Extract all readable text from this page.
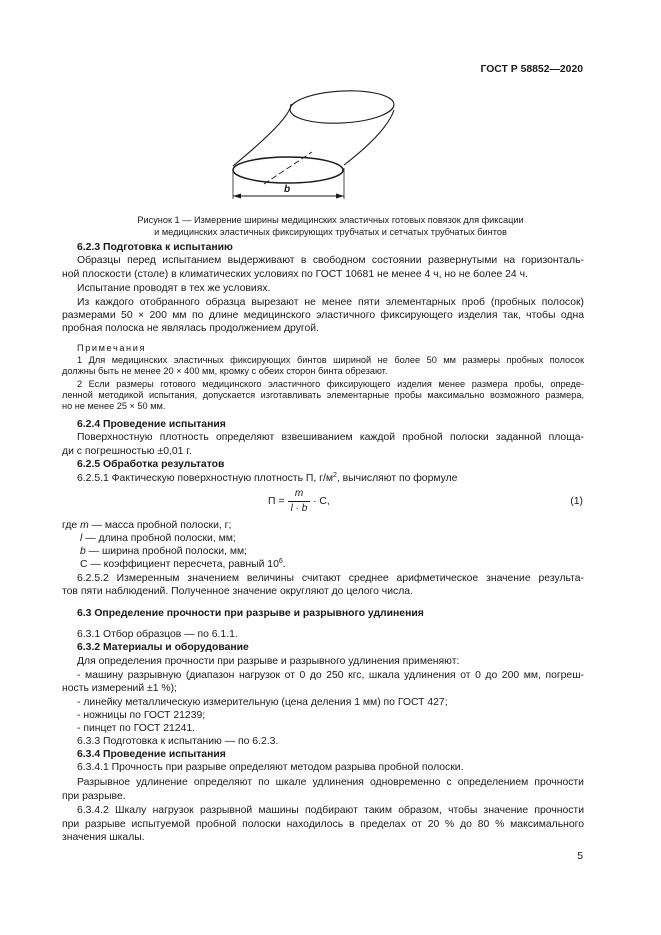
ГОСТ Р 58852—2020
b
Рисунок 1 — Измерение ширины медицинских эластичных готовых повязок для фиксации
и медицинских эластичных фиксирующих трубчатых и сетчатых трубчатых бинтов
6.2.3 Подготовка к испытанию
Образцы перед испытанием выдерживают в свободном состоянии развернутыми на горизонталь-
ной плоскости (столе) в климатических условиях по ГОСТ 10681 не менее 4 ч, но не более 24 ч.
Испытание проводят в тех же условиях.
Из каждого отобранного образца вырезают не менее пяти элементарных проб (пробных полосок)
размерами 50 × 200 мм по длине медицинского эластичного фиксирующего изделия так, чтобы одна
пробная полоска не являлась продолжением другой.
Примечания
1 Для медицинских эластичных фиксирующих бинтов шириной не более 50 мм размеры пробных полосок
должны быть не менее 20 × 400 мм, кромку с обеих сторон бинта обрезают.
2 Если размеры готового медицинского эластичного фиксирующего изделия менее размера пробы, опреде-
ленной методикой испытания, допускается изготавливать элементарные пробы максимально возможного размера,
но не менее 25 × 50 мм.
6.2.4 Проведение испытания
Поверхностную плотность определяют взвешиванием каждой пробной полоски заданной площа-
ди с погрешностью ±0,01 г.
6.2.5 Обработка результатов
6.2.5.1 Фактическую поверхностную плотность П, $г/м^2$, вычисляют по формуле
П =
m
l · b
· С,	(1)
где m — масса пробной полоски, г;
l — длина пробной полоски, мм;
b — ширина пробной полоски, мм;
С — коэффициент пересчета, равный $10^6$.
6.2.5.2 Измеренным значением величины считают среднее арифметическое значение результа-
тов пяти наблюдений. Полученное значение округляют до целого числа.
6.3 Определение прочности при разрыве и разрывного удлинения
6.3.1 Отбор образцов — по 6.1.1.
6.3.2 Материалы и оборудование
Для определения прочности при разрыве и разрывного удлинения применяют:
- машину разрывную (диапазон нагрузок от 0 до 250 кгс, шкала удлинения от 0 до 200 мм, погреш-
ность измерений ±1 %);
- линейку металлическую измерительную (цена деления 1 мм) по ГОСТ 427;
- ножницы по ГОСТ 21239;
- пинцет по ГОСТ 21241.
6.3.3 Подготовка к испытанию — по 6.2.3.
6.3.4 Проведение испытания
6.3.4.1 Прочность при разрыве определяют методом разрыва пробной полоски.
Разрывное удлинение определяют по шкале удлинения одновременно с определением прочности
при разрыве.
6.3.4.2 Шкалу нагрузок разрывной машины подбирают таким образом, чтобы значение прочности
при разрыве испытуемой пробной полоски находилось в пределах от 20 % до 80 % максимального
значения шкалы.
5
